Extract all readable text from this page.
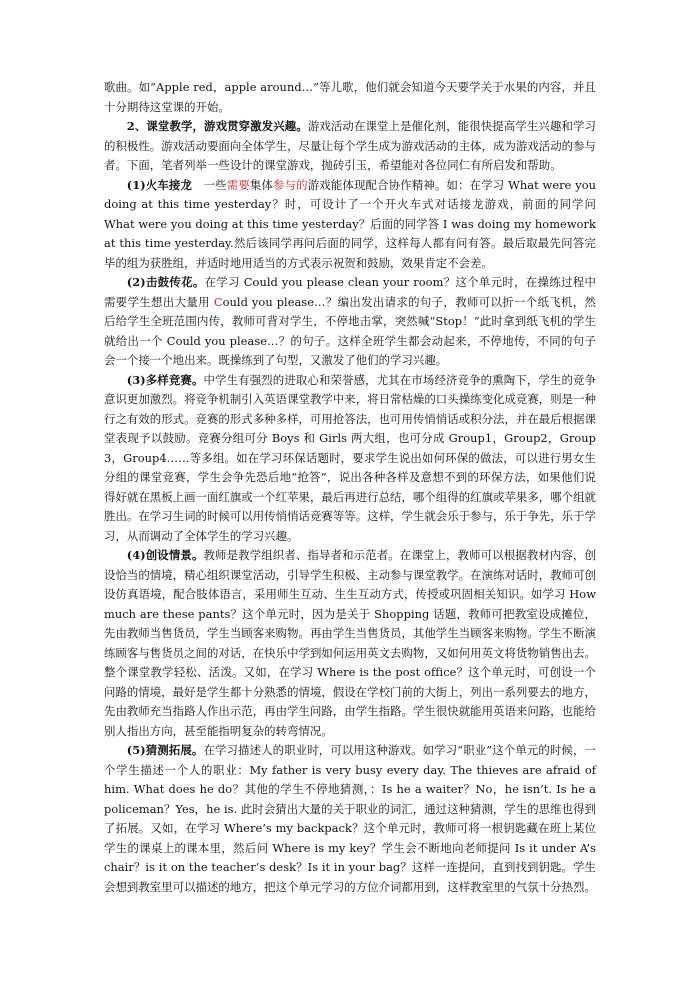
歌曲。如“Apple red，apple around…”等儿歌，他们就会知道今天要学关于水果的内容，并且十分期待这堂课的开始。

2、课堂教学，游戏贯穿激发兴趣。游戏活动在课堂上是催化剂，能很快提高学生兴趣和学习的积极性。游戏活动要面向全体学生，尽量让每个学生成为游戏活动的主体，成为游戏活动的参与者。下面，笔者列举一些设计的课堂游戏，抛砖引玉，希望能对各位同仁有所启发和帮助。

(1)火车接龙　一些需要集体参与的游戏能体现配合协作精神。如：在学习 What were you doing at this time yesterday？时，可设计了一个开火车式对话接龙游戏，前面的同学问 What were you doing at this time yesterday？后面的同学答 I was doing my homework at this time yesterday.然后该同学再问后面的同学，这样每人都有问有答。最后取最先问答完毕的组为获胜组，并适时地用适当的方式表示祝贺和鼓励，效果肯定不会差。

(2)击鼓传花。在学习 Could you please clean your room？这个单元时，在操练过程中需要学生想出大量用 Could you please…？编出发出请求的句子，教师可以折一个纸飞机，然后给学生全班范围内传，教师可背对学生，不停地击掌，突然喊“Stop！”此时拿到纸飞机的学生就给出一个 Could you please…？的句子。这样全班学生都会动起来，不停地传，不同的句子会一个接一个地出来。既操练到了句型，又激发了他们的学习兴趣。

(3)多样竞赛。中学生有强烈的进取心和荣誉感，尤其在市场经济竞争的熏陶下，学生的竞争意识更加激烈。将竞争机制引入英语课堂教学中来，将日常枯燥的口头操练变化成竞赛，则是一种行之有效的形式。竞赛的形式多种多样，可用抢答法，也可用传悄悄话或积分法，并在最后根据课堂表现予以鼓励。竞赛分组可分 Boys 和 Girls 两大组，也可分成 Group1，Group2，Group 3，Group4……等多组。如在学习环保话题时，要求学生说出如何环保的做法，可以进行男女生分组的课堂竞赛，学生会争先恐后地“抢答”，说出各种各样及意想不到的环保方法，如果他们说得好就在黑板上画一面红旗或一个红苹果，最后再进行总结，哪个组得的红旗或苹果多，哪个组就胜出。在学习生词的时候可以用传悄悄话竞赛等等。这样，学生就会乐于参与，乐于争先，乐于学习，从而调动了全体学生的学习兴趣。

(4)创设情景。教师是教学组织者、指导者和示范者。在课堂上，教师可以根据教材内容，创设恰当的情境，精心组织课堂活动，引导学生积极、主动参与课堂教学。在演练对话时，教师可创设仿真语境，配合肢体语言，采用师生互动、生生互动方式，传授或巩固相关知识。如学习 How much are these pants？这个单元时，因为是关于 Shopping 话题，教师可把教室设成摊位，先由教师当售货员，学生当顾客来购物。再由学生当售货员，其他学生当顾客来购物。学生不断演练顾客与售货员之间的对话，在快乐中学到如何运用英文去购物，又如何用英文将货物销售出去。整个课堂教学轻松、活泼。又如，在学习 Where is the post office？这个单元时，可创设一个问路的情境，最好是学生都十分熟悉的情境，假设在学校门前的大街上，列出一系列要去的地方，先由教师充当指路人作出示范，再由学生问路，由学生指路。学生很快就能用英语来问路，也能给别人指出方向，甚至能指明复杂的转弯情况。

(5)猜测拓展。在学习描述人的职业时，可以用这种游戏。如学习“职业”这个单元的时候，一个学生描述一个人的职业：My father is very busy every day. The thieves are afraid of him. What does he do？其他的学生不停地猜测，：Is he a waiter？No，he isn’t. Is he a policeman？Yes，he is. 此时会猜出大量的关于职业的词汇，通过这种猜测，学生的思维也得到了拓展。又如，在学习 Where’s my backpack？这个单元时，教师可将一根钥匙藏在班上某位学生的课桌上的课本里，然后问 Where is my key？学生会不断地向老师提问 Is it under A’s chair？is it on the teacher’s desk？Is it in your bag？这样一连提问，直到找到钥匙。学生会想到教室里可以描述的地方，把这个单元学习的方位介词都用到，这样教室里的气氛十分热烈。
